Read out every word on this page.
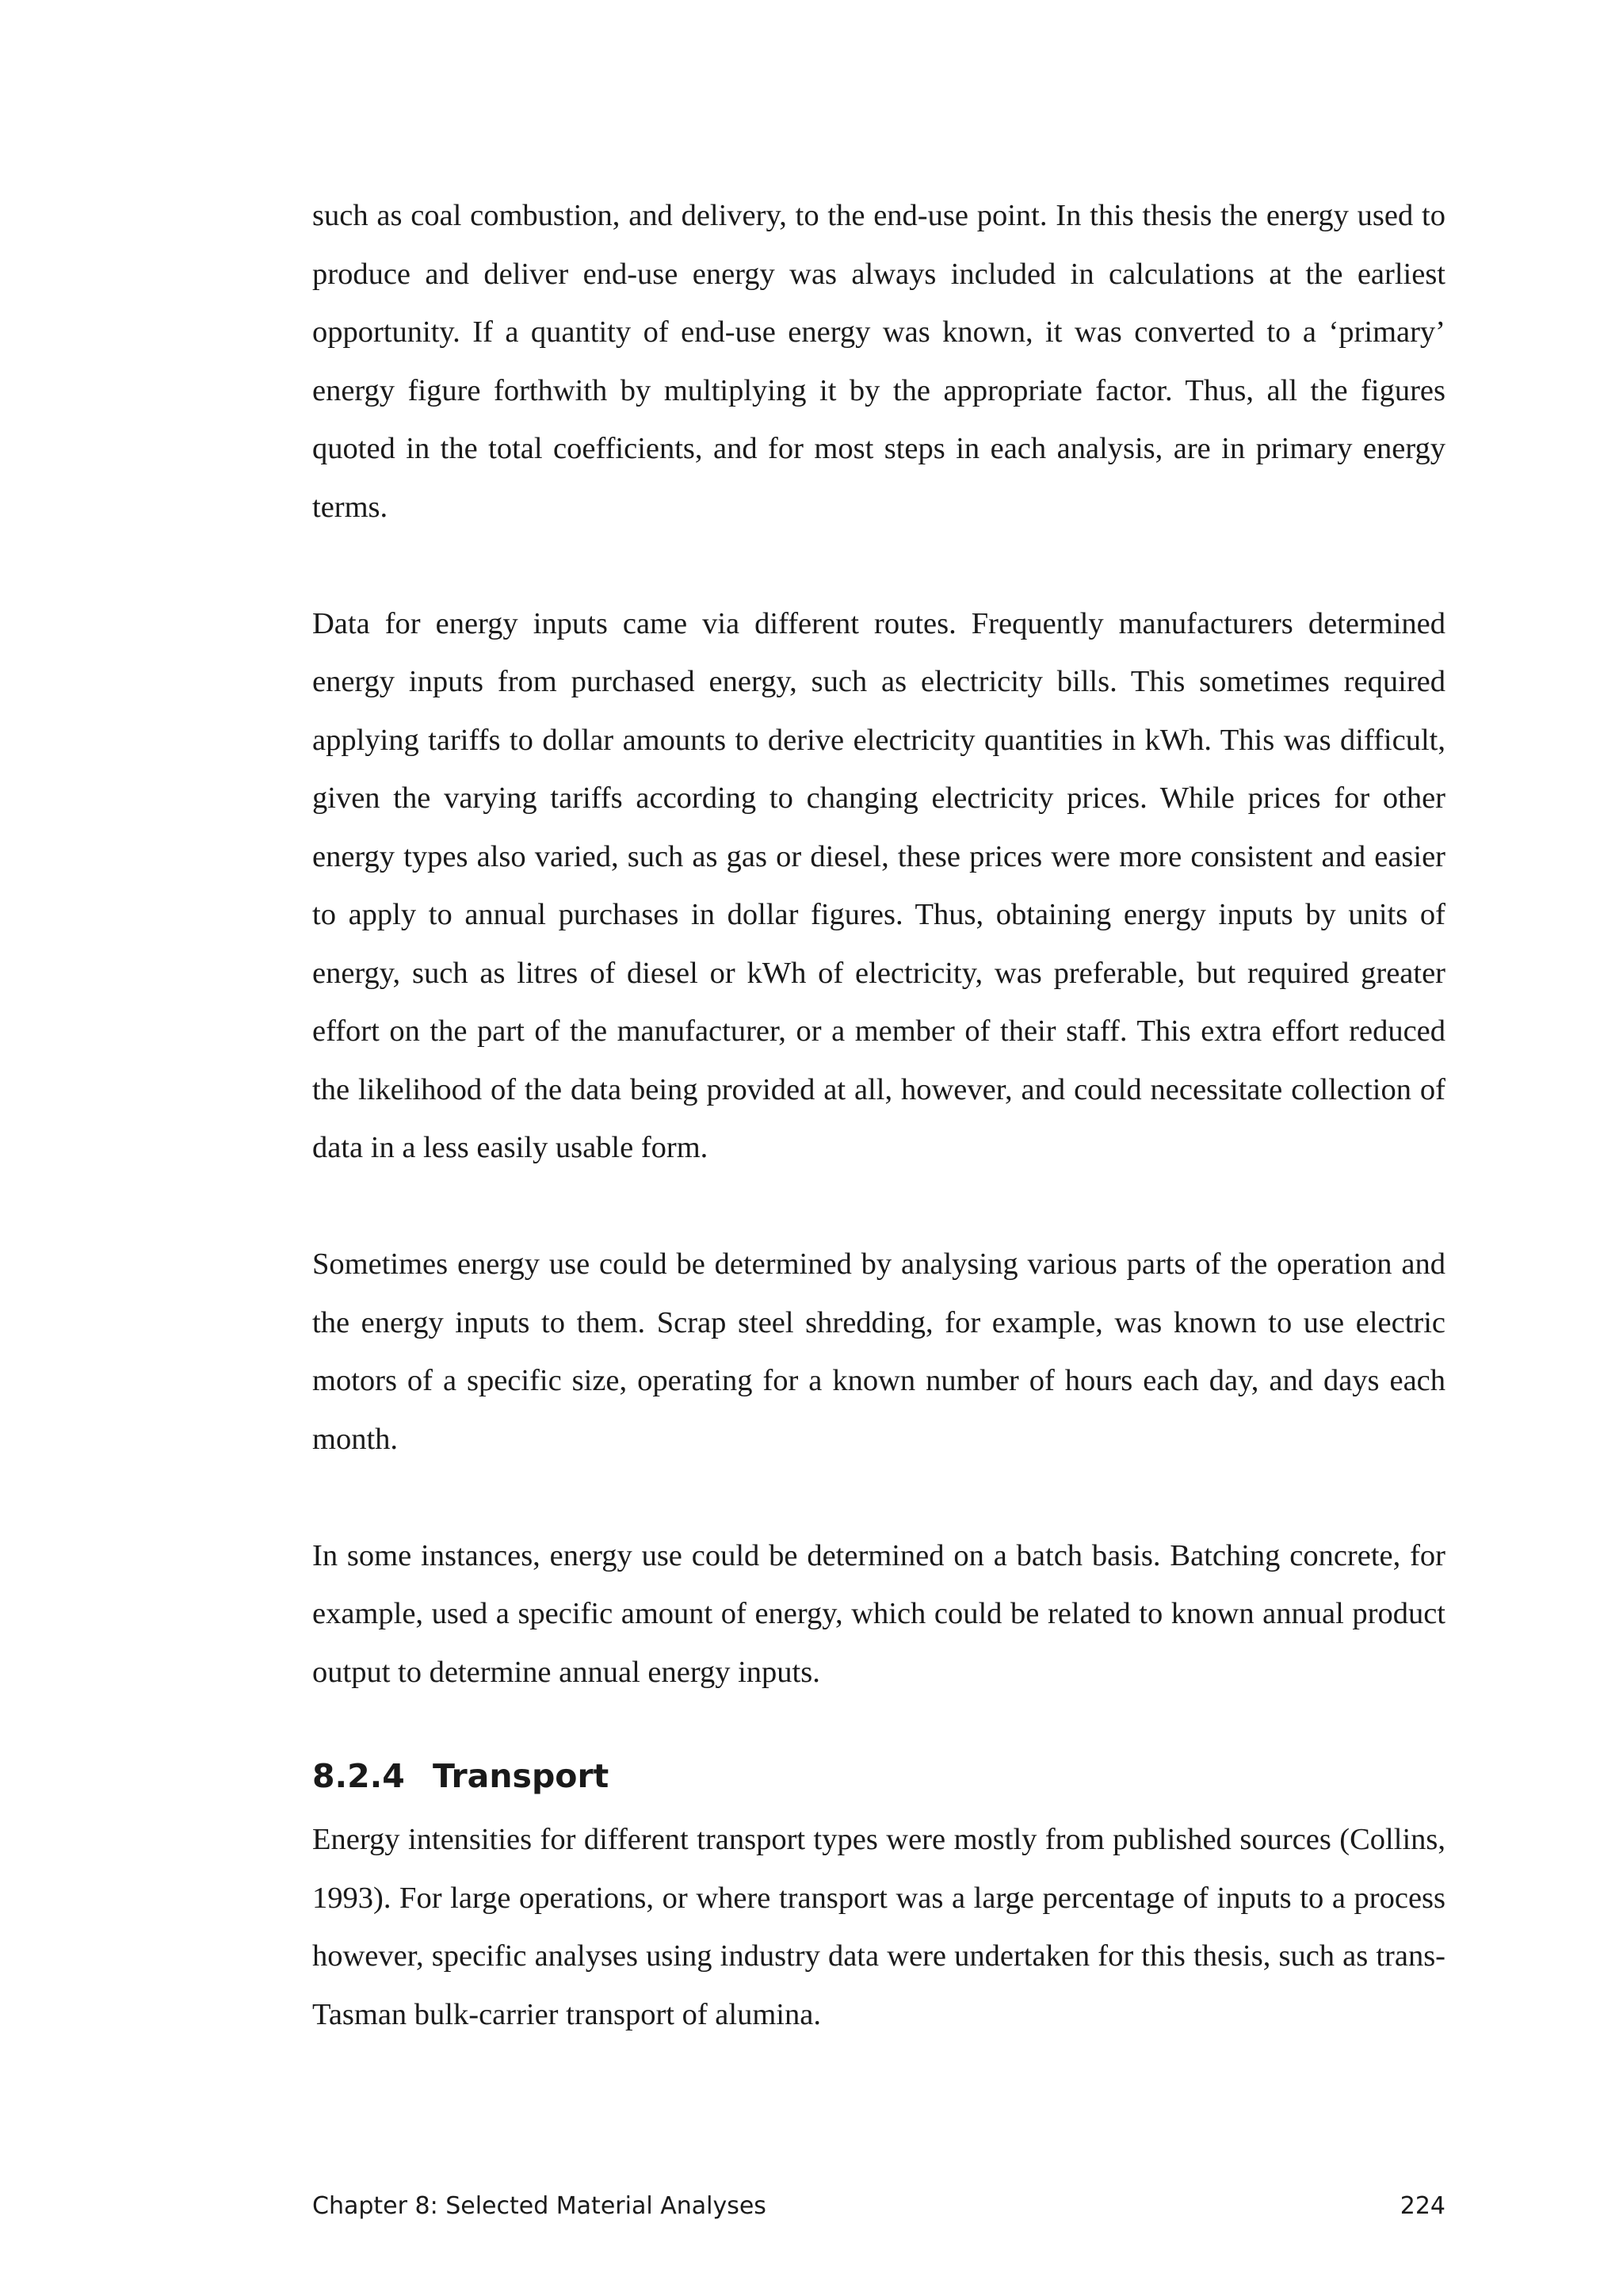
such as coal combustion, and delivery, to the end-use point. In this thesis the energy used to produce and deliver end-use energy was always included in calculations at the earliest opportunity. If a quantity of end-use energy was known, it was converted to a ‘primary’ energy figure forthwith by multiplying it by the appropriate factor. Thus, all the figures quoted in the total coefficients, and for most steps in each analysis, are in primary energy terms.

Data for energy inputs came via different routes. Frequently manufacturers determined energy inputs from purchased energy, such as electricity bills. This sometimes required applying tariffs to dollar amounts to derive electricity quantities in kWh. This was difficult, given the varying tariffs according to changing electricity prices. While prices for other energy types also varied, such as gas or diesel, these prices were more consistent and easier to apply to annual purchases in dollar figures. Thus, obtaining energy inputs by units of energy, such as litres of diesel or kWh of electricity, was preferable, but required greater effort on the part of the manufacturer, or a member of their staff. This extra effort reduced the likelihood of the data being provided at all, however, and could necessitate collection of data in a less easily usable form.

Sometimes energy use could be determined by analysing various parts of the operation and the energy inputs to them. Scrap steel shredding, for example, was known to use electric motors of a specific size, operating for a known number of hours each day, and days each month.

In some instances, energy use could be determined on a batch basis. Batching concrete, for example, used a specific amount of energy, which could be related to known annual product output to determine annual energy inputs.

8.2.4 Transport

Energy intensities for different transport types were mostly from published sources (Collins, 1993). For large operations, or where transport was a large percentage of inputs to a process however, specific analyses using industry data were undertaken for this thesis, such as trans-Tasman bulk-carrier transport of alumina.

Chapter 8: Selected Material Analyses	224
